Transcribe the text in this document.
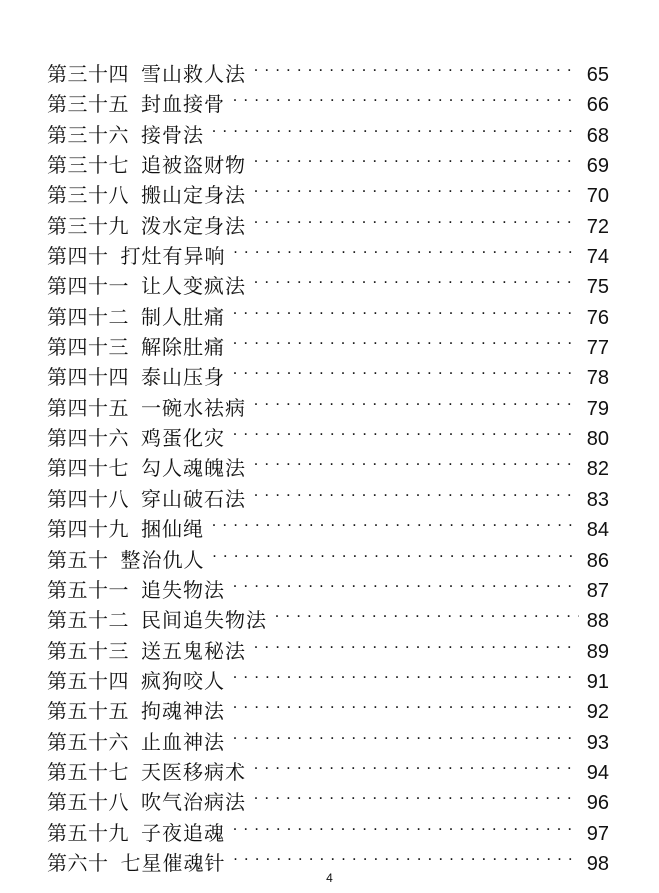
第三十四 雪山救人法 . . .	65
第三十五 封血接骨 . . .	66
第三十六 接骨法 . . .	68
第三十七 追被盗财物 . . .	69
第三十八 搬山定身法 . . .	70
第三十九 泼水定身法 . . .	72
第四十 打灶有异响 . . .	74
第四十一 让人变疯法 . . .	75
第四十二 制人肚痛 . . .	76
第四十三 解除肚痛 . . .	77
第四十四 泰山压身 . . .	78
第四十五 一碗水祛病 . . .	79
第四十六 鸡蛋化灾 . . .	80
第四十七 勾人魂魄法 . . .	82
第四十八 穿山破石法 . . .	83
第四十九 捆仙绳 . . .	84
第五十 整治仇人 . . .	86
第五十一 追失物法 . . .	87
第五十二 民间追失物法 . . .	88
第五十三 送五鬼秘法 . . .	89
第五十四 疯狗咬人 . . .	91
第五十五 拘魂神法 . . .	92
第五十六 止血神法 . . .	93
第五十七 天医移病术 . . .	94
第五十八 吹气治病法 . . .	96
第五十九 子夜追魂 . . .	97
第六十 七星催魂针 . . .	98
4
